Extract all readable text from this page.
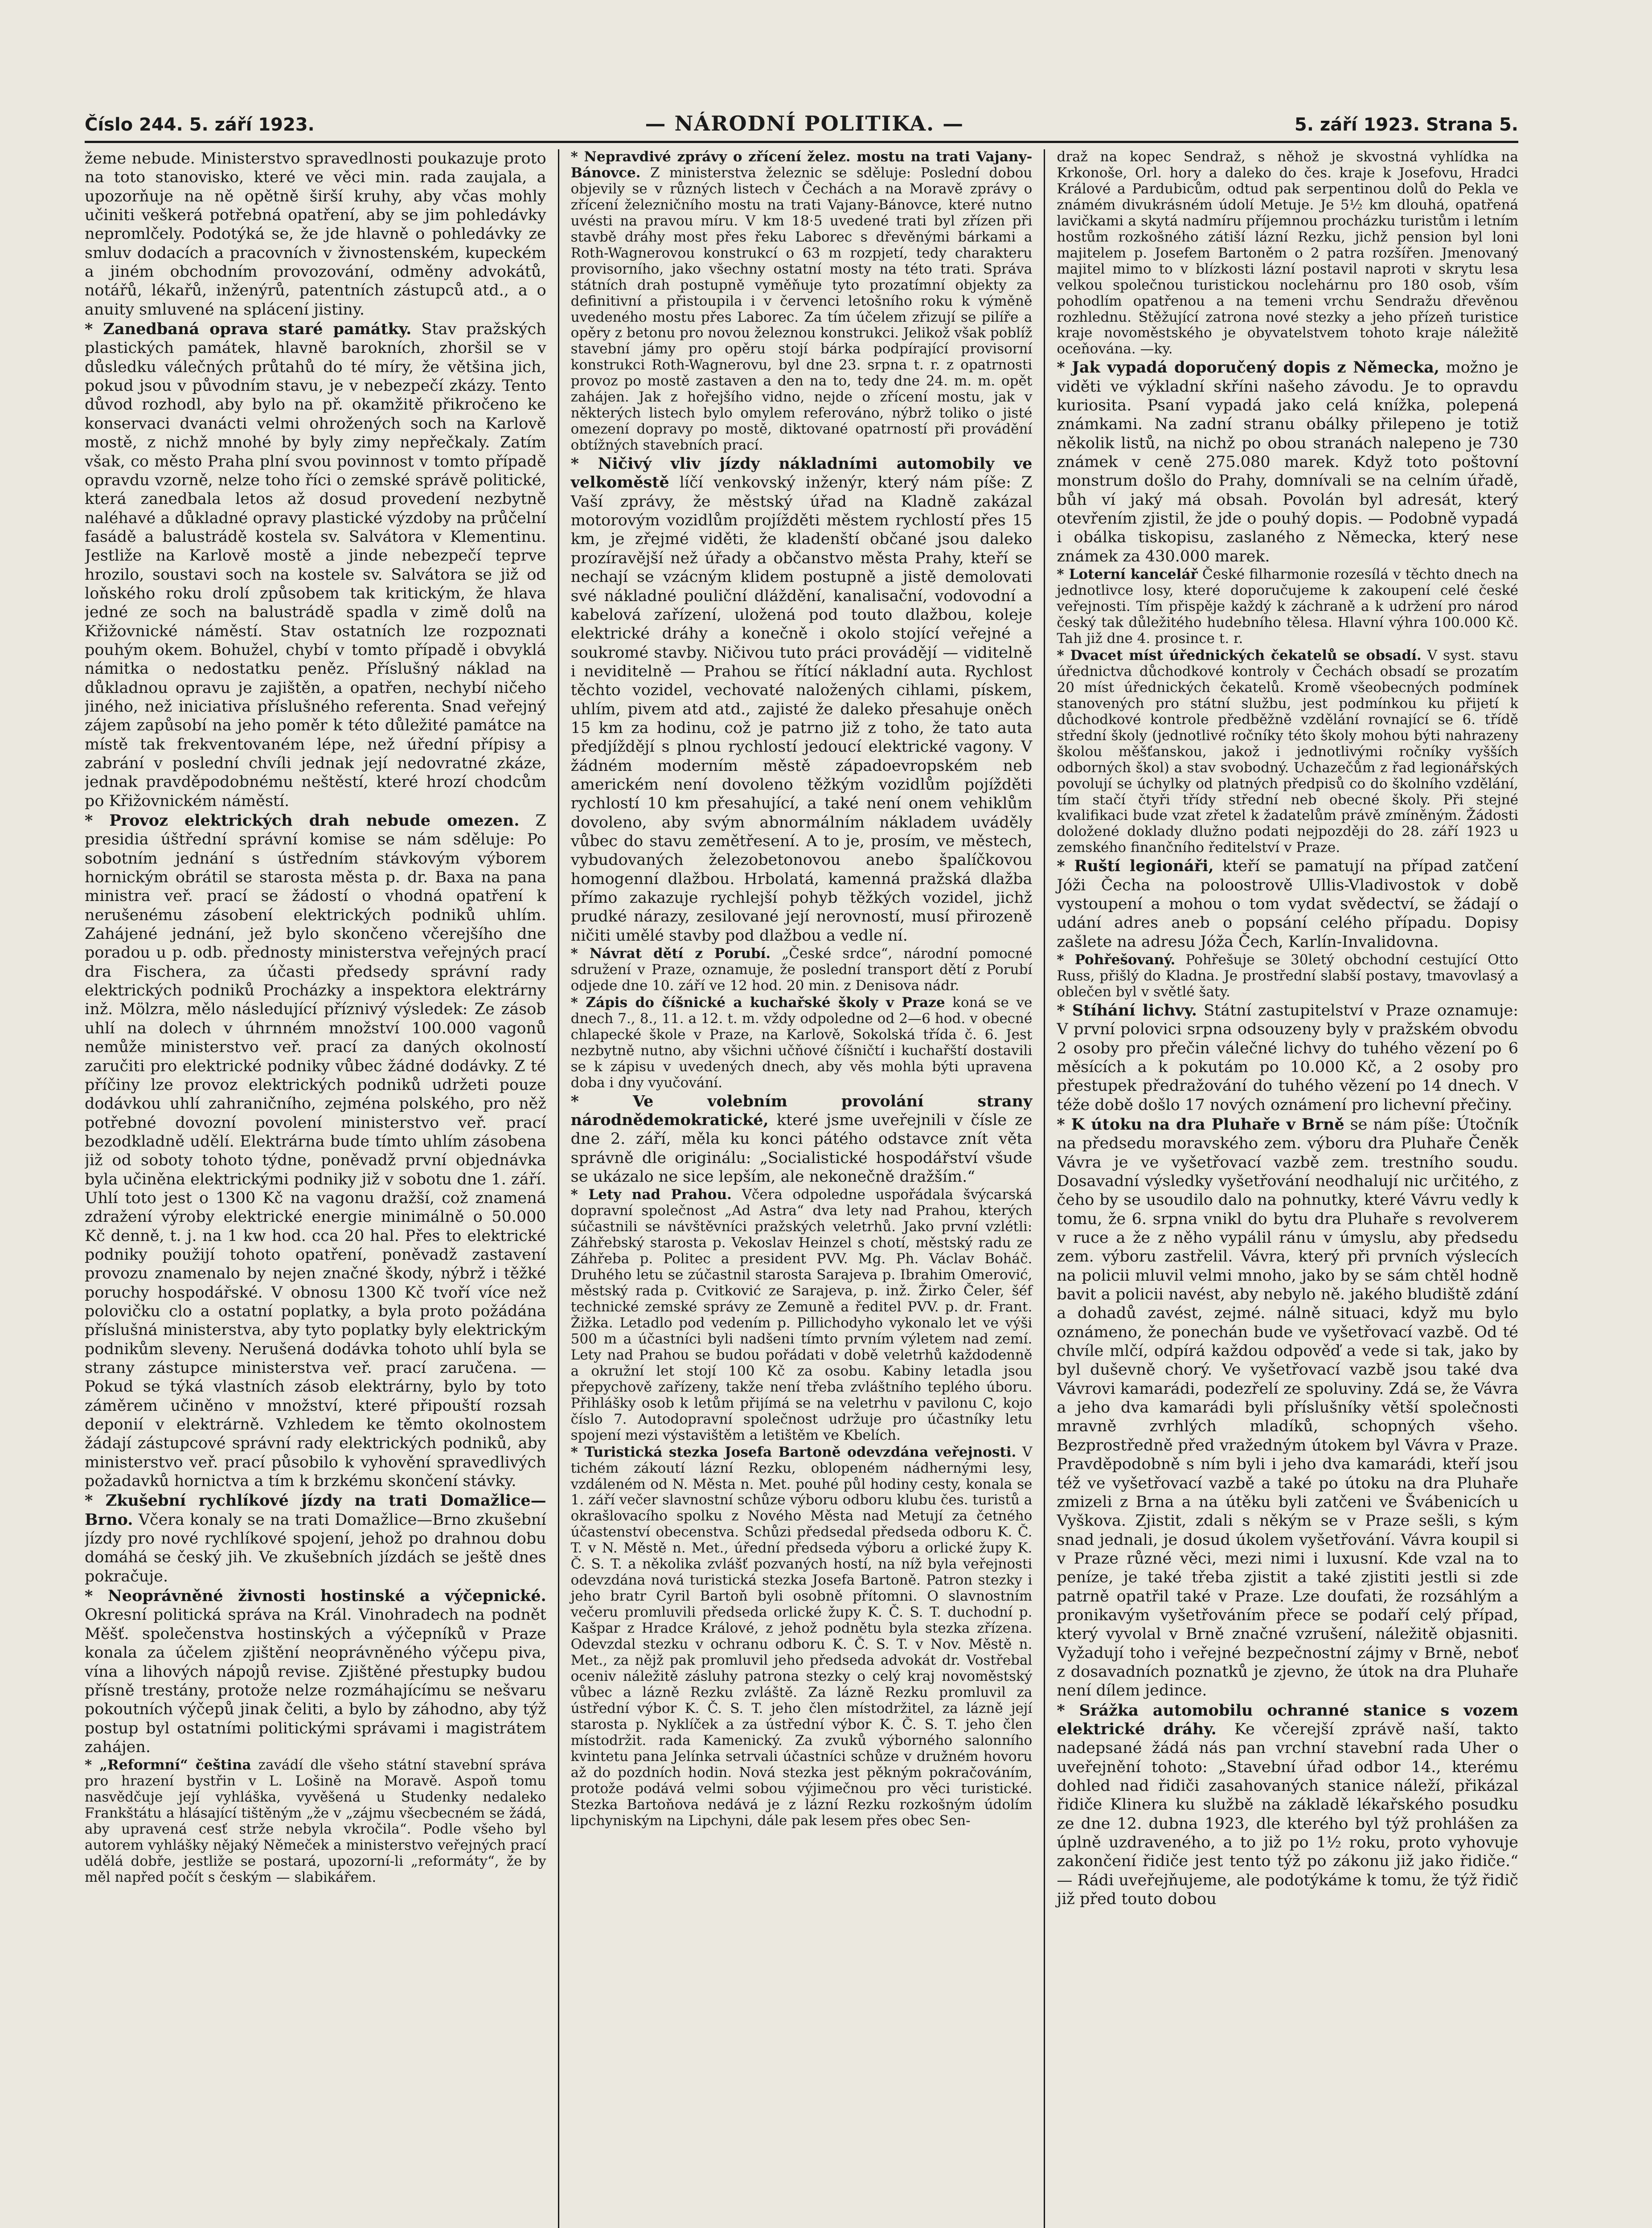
Číslo 244. 5. září 1923.	— NÁRODNÍ POLITIKA. —	5. září 1923. Strana 5.

žeme nebude. Ministerstvo spravedlnosti poukazuje proto na toto stanovisko, které ve věci min. rada zaujala, a upozorňuje na ně opětně širší kruhy, aby včas mohly učiniti veškerá potřebná opatření, aby se jim pohledávky nepromlčely. Podotýká se, že jde hlavně o pohledávky ze smluv dodacích a pracovních v živnostenském, kupeckém a jiném obchodním provozování, odměny advokátů, notářů, lékařů, inženýrů, patentních zástupců atd., a o anuity smluvené na splácení jistiny.

* Zanedbaná oprava staré památky. Stav pražských plastických památek, hlavně barokních, zhoršil se v důsledku válečných průtahů do té míry, že většina jich, pokud jsou v původním stavu, je v nebezpečí zkázy. Tento důvod rozhodl, aby bylo na př. okamžitě přikročeno ke konservaci dvanácti velmi ohrožených soch na Karlově mostě, z nichž mnohé by byly zimy nepřečkaly. Zatím však, co město Praha plní svou povinnost v tomto případě opravdu vzorně, nelze toho říci o zemské správě politické, která zanedbala letos až dosud provedení nezbytně naléhavé a důkladné opravy plastické výzdoby na průčelní fasádě a balustrádě kostela sv. Salvátora v Klementinu. Jestliže na Karlově mostě a jinde nebezpečí teprve hrozilo, soustavi soch na kostele sv. Salvátora se již od loňského roku drolí způsobem tak kritickým, že hlava jedné ze soch na balustrádě spadla v zimě dolů na Křižovnické náměstí. Stav ostatních lze rozpoznati pouhým okem. Bohužel, chybí v tomto případě i obvyklá námitka o nedostatku peněz. Příslušný náklad na důkladnou opravu je zajištěn, a opatřen, nechybí ničeho jiného, než iniciativa příslušného referenta. Snad veřejný zájem zapůsobí na jeho poměr k této důležité památce na místě tak frekventovaném lépe, než úřední přípisy a zabrání v poslední chvíli jednak její nedovratné zkáze, jednak pravděpodobnému neštěstí, které hrozí chodcům po Křižovnickém náměstí.

* Provoz elektrických drah nebude omezen. Z presidia úštřední správní komise se nám sděluje: Po sobotním jednání s ústředním stávkovým výborem hornickým obrátil se starosta města p. dr. Baxa na pana ministra veř. prací se žádostí o vhodná opatření k nerušenému zásobení elektrických podniků uhlím. Zahájené jednání, jež bylo skončeno včerejšího dne poradou u p. odb. přednosty ministerstva veřejných prací dra Fischera, za účasti předsedy správní rady elektrických podniků Procházky a inspektora elektrárny inž. Mölzra, mělo následující příznivý výsledek: Ze zásob uhlí na dolech v úhrnném množství 100.000 vagonů nemůže ministerstvo veř. prací za daných okolností zaručiti pro elektrické podniky vůbec žádné dodávky. Z té příčiny lze provoz elektrických podniků udržeti pouze dodávkou uhlí zahraničního, zejména polského, pro něž potřebné dovozní povolení ministerstvo veř. prací bezodkladně udělí. Elektrárna bude tímto uhlím zásobena již od soboty tohoto týdne, poněvadž první objednávka byla učiněna elektrickými podniky již v sobotu dne 1. září. Uhlí toto jest o 1300 Kč na vagonu dražší, což znamená zdražení výroby elektrické energie minimálně o 50.000 Kč denně, t. j. na 1 kw hod. cca 20 hal. Přes to elektrické podniky použijí tohoto opatření, poněvadž zastavení provozu znamenalo by nejen značné škody, nýbrž i těžké poruchy hospodářské. V obnosu 1300 Kč tvoří více než polovičku clo a ostatní poplatky, a byla proto požádána příslušná ministerstva, aby tyto poplatky byly elektrickým podnikům sleveny. Nerušená dodávka tohoto uhlí byla se strany zástupce ministerstva veř. prací zaručena. — Pokud se týká vlastních zásob elektrárny, bylo by toto záměrem učiněno v množství, které připouští rozsah deponií v elektrárně. Vzhledem ke těmto okolnostem žádají zástupcové správní rady elektrických podniků, aby ministerstvo veř. prací působilo k vyhovění spravedlivých požadavků hornictva a tím k brzkému skončení stávky.

* Zkušební rychlíkové jízdy na trati Domažlice—Brno. Včera konaly se na trati Domažlice—Brno zkušební jízdy pro nové rychlíkové spojení, jehož po drahnou dobu domáhá se český jih. Ve zkušebních jízdách se ještě dnes pokračuje.

* Neoprávněné živnosti hostinské a výčepnické. Okresní politická správa na Král. Vinohradech na podnět Měšť. společenstva hostinských a výčepníků v Praze konala za účelem zjištění neoprávněného výčepu piva, vína a lihových nápojů revise. Zjištěné přestupky budou přísně trestány, protože nelze rozmáhajícímu se nešvaru pokoutních výčepů jinak čeliti, a bylo by záhodno, aby týž postup byl ostatními politickými správami i magistrátem zahájen.

* „Reformní“ čeština zavádí dle všeho státní stavební správa pro hrazení bystřin v L. Lošině na Moravě. Aspoň tomu nasvědčuje její vyhláška, vyvěšená u Studenky nedaleko Frankštátu a hlásající tištěným „že v „zájmu všecbecném se žádá, aby upravená cesť strže nebyla vkročila“. Podle všeho byl autorem vyhlášky nějaký Němeček a ministerstvo veřejných prací udělá dobře, jestliže se postará, upozorní-li „reformáty“, že by měl napřed počít s českým — slabikářem.

* Nepravdivé zprávy o zřícení želez. mostu na trati Vajany-Bánovce. Z ministerstva železnic se sděluje: Poslední dobou objevily se v různých listech v Čechách a na Moravě zprávy o zřícení železničního mostu na trati Vajany-Bánovce, které nutno uvésti na pravou míru. V km 18·5 uvedené trati byl zřízen při stavbě dráhy most přes řeku Laborec s dřevěnými bárkami a Roth-Wagnerovou konstrukcí o 63 m rozpjetí, tedy charakteru provisorního, jako všechny ostatní mosty na této trati. Správa státních drah postupně vyměňuje tyto prozatímní objekty za definitivní a přistoupila i v červenci letošního roku k výměně uvedeného mostu přes Laborec. Za tím účelem zřizují se pilíře a opěry z betonu pro novou železnou konstrukci. Jelikož však poblíž stavební jámy pro opěru stojí bárka podpírající provisorní konstrukci Roth-Wagnerovu, byl dne 23. srpna t. r. z opatrnosti provoz po mostě zastaven a den na to, tedy dne 24. m. m. opět zahájen. Jak z hořejšího vidno, nejde o zřícení mostu, jak v některých listech bylo omylem referováno, nýbrž toliko o jisté omezení dopravy po mostě, diktované opatrností při provádění obtížných stavebních prací.

* Ničivý vliv jízdy nákladními automobily ve velkoměstě líčí venkovský inženýr, který nám píše: Z Vaší zprávy, že městský úřad na Kladně zakázal motorovým vozidlům projížděti městem rychlostí přes 15 km, je zřejmé viděti, že kladenští občané jsou daleko prozíravější než úřady a občanstvo města Prahy, kteří se nechají se vzácným klidem postupně a jistě demolovati své nákladné pouliční dláždění, kanalisační, vodovodní a kabelová zařízení, uložená pod touto dlažbou, koleje elektrické dráhy a konečně i okolo stojící veřejné a soukromé stavby. Ničivou tuto práci provádějí — viditelně i neviditelně — Prahou se řítící nákladní auta. Rychlost těchto vozidel, vechovaté naložených cihlami, pískem, uhlím, pivem atd atd., zajisté že daleko přesahuje oněch 15 km za hodinu, což je patrno již z toho, že tato auta předjíždějí s plnou rychlostí jedoucí elektrické vagony. V žádném moderním městě západoevropském neb americkém není dovoleno těžkým vozidlům pojížděti rychlostí 10 km přesahující, a také není onem vehiklům dovoleno, aby svým abnormálním nákladem uváděly vůbec do stavu zemětřesení. A to je, prosím, ve městech, vybudovaných železobetonovou anebo špalíčkovou homogenní dlažbou. Hrbolatá, kamenná pražská dlažba přímo zakazuje rychlejší pohyb těžkých vozidel, jichž prudké nárazy, zesilované její nerovností, musí přirozeně ničiti umělé stavby pod dlažbou a vedle ní.

* Návrat dětí z Porubí. „České srdce“, národní pomocné sdružení v Praze, oznamuje, že poslední transport dětí z Porubí odjede dne 10. září ve 12 hod. 20 min. z Denisova nádr.

* Zápis do číšnické a kuchařské školy v Praze koná se ve dnech 7., 8., 11. a 12. t. m. vždy odpoledne od 2—6 hod. v obecné chlapecké škole v Praze, na Karlově, Sokolská třída č. 6. Jest nezbytně nutno, aby všichni učňové číšničtí i kuchařští dostavili se k zápisu v uvedených dnech, aby věs mohla býti upravena doba i dny vyučování.

* Ve volebním provolání strany národnědemokratické, které jsme uveřejnili v čísle ze dne 2. září, měla ku konci pátého odstavce znít věta správně dle originálu: „Socialistické hospodářství všude se ukázalo ne sice lepším, ale nekonečně dražším.“

* Lety nad Prahou. Včera odpoledne uspořádala švýcarská dopravní společnost „Ad Astra“ dva lety nad Prahou, kterých súčastnili se návštěvníci pražských veletrhů. Jako první vzlétli: Záhřebský starosta p. Vekoslav Heinzel s chotí, městský radu ze Záhřeba p. Politec a president PVV. Mg. Ph. Václav Boháč. Druhého letu se zúčastnil starosta Sarajeva p. Ibrahim Omerović, městský rada p. Cvitković ze Sarajeva, p. inž. Žirko Čeler, šéf technické zemské správy ze Zemuně a ředitel PVV. p. dr. Frant. Žižka. Letadlo pod vedením p. Pillichodyho vykonalo let ve výši 500 m a účastníci byli nadšeni tímto prvním výletem nad zemí. Lety nad Prahou se budou pořádati v době veletrhů každodenně a okružní let stojí 100 Kč za osobu. Kabiny letadla jsou přepychově zařízeny, takže není třeba zvláštního teplého úboru. Přihlášky osob k letům přijímá se na veletrhu v pavilonu C, kojo číslo 7. Autodopravní společnost udržuje pro účastníky letu spojení mezi výstavištěm a letištěm ve Kbelích.

* Turistická stezka Josefa Bartoně odevzdána veřejnosti. V tichém zákoutí lázní Rezku, oblopeném nádhernými lesy, vzdáleném od N. Města n. Met. pouhé půl hodiny cesty, konala se 1. září večer slavnostní schůze výboru odboru klubu čes. turistů a okrašlovacího spolku z Nového Města nad Metují za četného účastenství obecenstva. Schůzi předsedal předseda odboru K. Č. T. v N. Městě n. Met., úřední předseda výboru a orlické župy K. Č. S. T. a několika zvlášť pozvaných hostí, na níž byla veřejnosti odevzdána nová turistická stezka Josefa Bartoně. Patron stezky i jeho bratr Cyril Bartoň byli osobně přítomni. O slavnostním večeru promluvili předseda orlické župy K. Č. S. T. duchodní p. Kašpar z Hradce Králové, z jehož podnětu byla stezka zřízena. Odevzdal stezku v ochranu odboru K. Č. S. T. v Nov. Městě n. Met., za nějž pak promluvil jeho předseda advokát dr. Vostřebal oceniv náležitě zásluhy patrona stezky o celý kraj novoměstský vůbec a lázně Rezku zvláště. Za lázně Rezku promluvil za ústřední výbor K. Č. S. T. jeho člen místodržitel, za lázně její starosta p. Nyklíček a za ústřední výbor K. Č. S. T. jeho člen místodržit. rada Kamenický. Za zvuků výborného salonního kvintetu pana Jelínka setrvali účastníci schůze v družném hovoru až do pozdních hodin. Nová stezka jest pěkným pokračováním, protože podává velmi sobou výjimečnou pro věci turistické. Stezka Bartoňova nedává je z lázní Rezku rozkošným údolím lipchyniským na Lipchyni, dále pak lesem přes obec Sen-

draž na kopec Sendraž, s něhož je skvostná vyhlídka na Krkonoše, Orl. hory a daleko do čes. kraje k Josefovu, Hradci Králové a Pardubicům, odtud pak serpentinou dolů do Pekla ve známém divukrásném údolí Metuje. Je 5½ km dlouhá, opatřená lavičkami a skytá nadmíru příjemnou procházku turistům i letním hostům rozkošného zátiší lázní Rezku, jichž pension byl loni majitelem p. Josefem Bartoněm o 2 patra rozšířen. Jmenovaný majitel mimo to v blízkosti lázní postavil naproti v skrytu lesa velkou společnou turistickou noclehárnu pro 180 osob, vším pohodlím opatřenou a na temeni vrchu Sendražu dřevěnou rozhlednu. Stěžující zatrona nové stezky a jeho přízeň turistice kraje novoměstského je obyvatelstvem tohoto kraje náležitě oceňována. —ky.

* Jak vypadá doporučený dopis z Německa, možno je viděti ve výkladní skříni našeho závodu. Je to opravdu kuriosita. Psaní vypadá jako celá knížka, polepená známkami. Na zadní stranu obálky přilepeno je totiž několik listů, na nichž po obou stranách nalepeno je 730 známek v ceně 275.080 marek. Když toto poštovní monstrum došlo do Prahy, domnívali se na celním úřadě, bůh ví jaký má obsah. Povolán byl adresát, který otevřením zjistil, že jde o pouhý dopis. — Podobně vypadá i obálka tiskopisu, zaslaného z Německa, který nese známek za 430.000 marek.

* Loterní kancelář České filharmonie rozesílá v těchto dnech na jednotlivce losy, které doporučujeme k zakoupení celé české veřejnosti. Tím přispěje každý k záchraně a k udržení pro národ český tak důležitého hudebního tělesa. Hlavní výhra 100.000 Kč. Tah již dne 4. prosince t. r.

* Dvacet míst úřednických čekatelů se obsadí. V syst. stavu úřednictva důchodkové kontroly v Čechách obsadí se prozatím 20 míst úřednických čekatelů. Kromě všeobecných podmínek stanovených pro státní službu, jest podmínkou ku přijetí k důchodkové kontrole předběžně vzdělání rovnající se 6. třídě střední školy (jednotlivé ročníky této školy mohou býti nahrazeny školou měšťanskou, jakož i jednotlivými ročníky vyšších odborných škol) a stav svobodný. Uchazečům z řad legionářských povolují se úchylky od platných předpisů co do školního vzdělání, tím stačí čtyři třídy střední neb obecné školy. Při stejné kvalifikaci bude vzat zřetel k žadatelům právě zmíněným. Žádosti doložené doklady dlužno podati nejpozději do 28. září 1923 u zemského finančního ředitelství v Praze.

* Ruští legionáři, kteří se pamatují na případ zatčení Jóži Čecha na poloostrově Ullis-Vladivostok v době vystoupení a mohou o tom vydat svědectví, se žádají o udání adres aneb o popsání celého případu. Dopisy zašlete na adresu Jóža Čech, Karlín-Invalidovna.

* Pohřešovaný. Pohřešuje se 30letý obchodní cestující Otto Russ, přišlý do Kladna. Je prostřední slabší postavy, tmavovlasý a oblečen byl v světlé šaty.

* Stíhání lichvy. Státní zastupitelství v Praze oznamuje: V první polovici srpna odsouzeny byly v pražském obvodu 2 osoby pro přečin válečné lichvy do tuhého vězení po 6 měsících a k pokutám po 10.000 Kč, a 2 osoby pro přestupek předražování do tuhého vězení po 14 dnech. V téže době došlo 17 nových oznámení pro lichevní přečiny.

* K útoku na dra Pluhaře v Brně se nám píše: Útočník na předsedu moravského zem. výboru dra Pluhaře Čeněk Vávra je ve vyšetřovací vazbě zem. trestního soudu. Dosavadní výsledky vyšetřování neodhalují nic určitého, z čeho by se usoudilo dalo na pohnutky, které Vávru vedly k tomu, že 6. srpna vnikl do bytu dra Pluhaře s revolverem v ruce a že z něho vypálil ránu v úmyslu, aby předsedu zem. výboru zastřelil. Vávra, který při prvních výslecích na policii mluvil velmi mnoho, jako by se sám chtěl hodně bavit a policii navést, aby nebylo ně. jakého bludiště zdání a dohadů zavést, zejmé. nálně situaci, když mu bylo oznámeno, že ponechán bude ve vyšetřovací vazbě. Od té chvíle mlčí, odpírá každou odpověď a vede si tak, jako by byl duševně chorý. Ve vyšetřovací vazbě jsou také dva Vávrovi kamarádi, podezřelí ze spoluviny. Zdá se, že Vávra a jeho dva kamarádi byli příslušníky větší společnosti mravně zvrhlých mladíků, schopných všeho. Bezprostředně před vražedným útokem byl Vávra v Praze. Pravděpodobně s ním byli i jeho dva kamarádi, kteří jsou též ve vyšetřovací vazbě a také po útoku na dra Pluhaře zmizeli z Brna a na útěku byli zatčeni ve Švábenicích u Vyškova. Zjistit, zdali s někým se v Praze sešli, s kým snad jednali, je dosud úkolem vyšetřování. Vávra koupil si v Praze různé věci, mezi nimi i luxusní. Kde vzal na to peníze, je také třeba zjistit a také zjistiti jestli si zde patrně opatřil také v Praze. Lze doufati, že rozsáhlým a pronikavým vyšetřováním přece se podaří celý případ, který vyvolal v Brně značné vzrušení, náležitě objasniti. Vyžadují toho i veřejné bezpečnostní zájmy v Brně, neboť z dosavadních poznatků je zjevno, že útok na dra Pluhaře není dílem jedince.

* Srážka automobilu ochranné stanice s vozem elektrické dráhy. Ke včerejší zprávě naší, takto nadepsané žádá nás pan vrchní stavební rada Uher o uveřejnění tohoto: „Stavební úřad odbor 14., kterému dohled nad řidiči zasahovaných stanice náleží, přikázal řidiče Klinera ku službě na základě lékařského posudku ze dne 12. dubna 1923, dle kterého byl týž prohlášen za úplně uzdraveného, a to již po 1½ roku, proto vyhovuje zakončení řidiče jest tento týž po zákonu již jako řidiče.“ — Rádi uveřejňujeme, ale podotýkáme k tomu, že týž řidič již před touto dobou
